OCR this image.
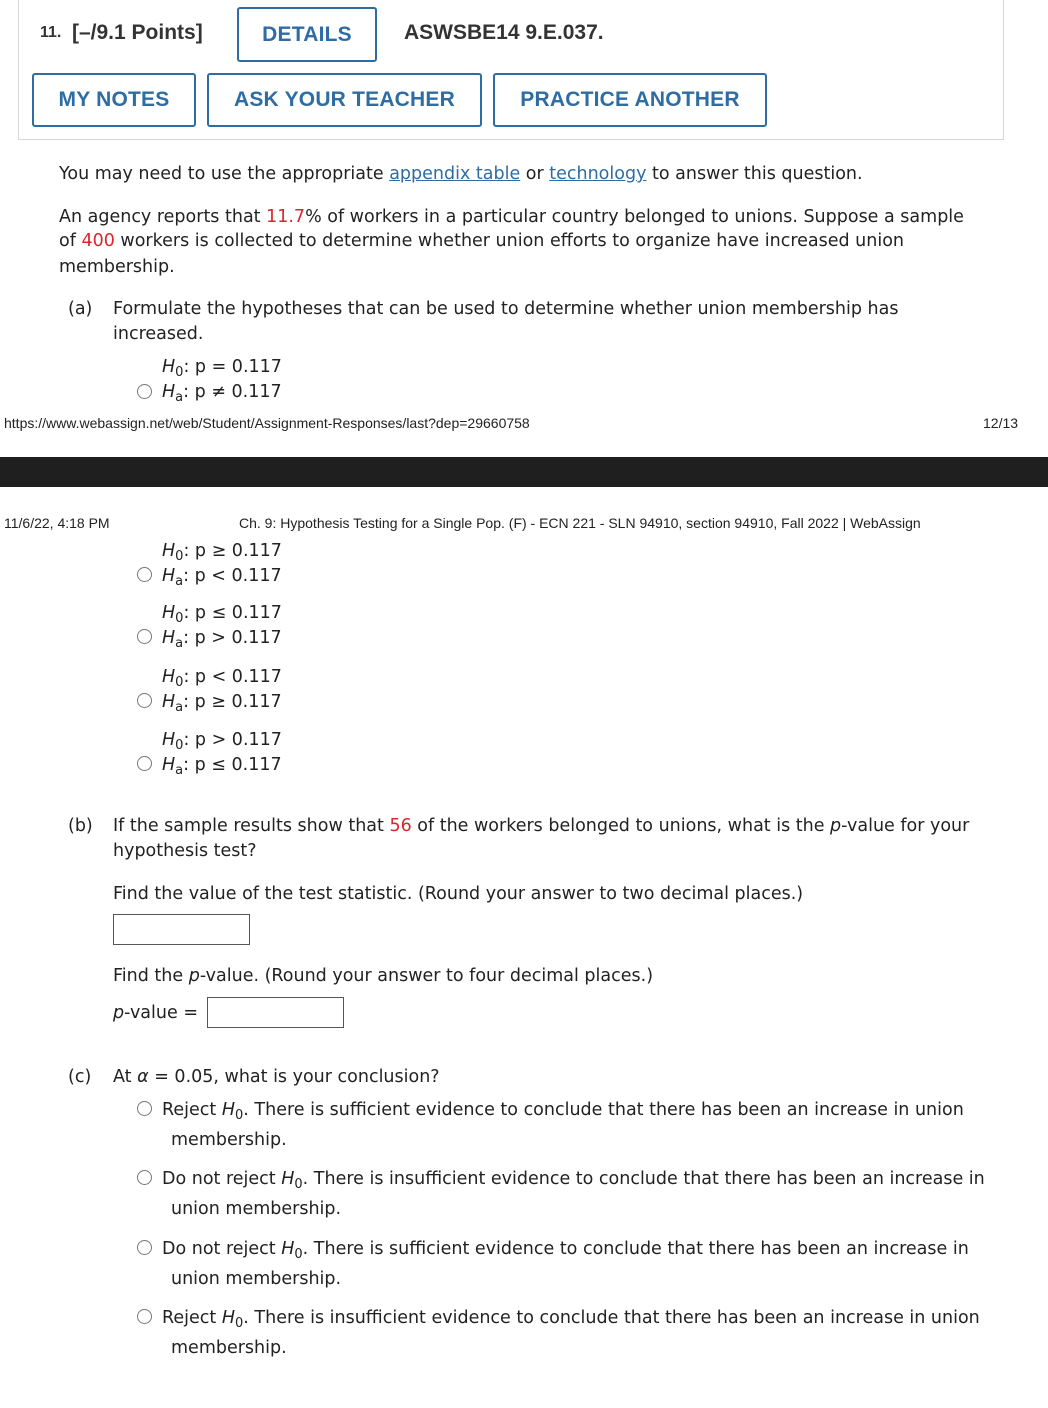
11. [–/9.1 Points]	DETAILS	ASWSBE14 9.E.037.
MY NOTES	ASK YOUR TEACHER	PRACTICE ANOTHER
You may need to use the appropriate appendix table or technology to answer this question.
An agency reports that 11.7% of workers in a particular country belonged to unions. Suppose a sample
of 400 workers is collected to determine whether union efforts to organize have increased union
membership.
(a) Formulate the hypotheses that can be used to determine whether union membership has
increased.
$H_0$: p = 0.117
$H_a$: p ≠ 0.117
https://www.webassign.net/web/Student/Assignment-Responses/last?dep=29660758	12/13
11/6/22, 4:18 PM	Ch. 9: Hypothesis Testing for a Single Pop. (F) - ECN 221 - SLN 94910, section 94910, Fall 2022 | WebAssign
$H_0$: p ≥ 0.117
$H_a$: p < 0.117
$H_0$: p ≤ 0.117
$H_a$: p > 0.117
$H_0$: p < 0.117
$H_a$: p ≥ 0.117
$H_0$: p > 0.117
$H_a$: p ≤ 0.117
(b) If the sample results show that 56 of the workers belonged to unions, what is the p-value for your
hypothesis test?
Find the value of the test statistic. (Round your answer to two decimal places.)
Find the p-value. (Round your answer to four decimal places.)
p-value =
(c) At α = 0.05, what is your conclusion?
Reject $H_0$. There is sufficient evidence to conclude that there has been an increase in union
membership.
Do not reject $H_0$. There is insufficient evidence to conclude that there has been an increase in
union membership.
Do not reject $H_0$. There is sufficient evidence to conclude that there has been an increase in
union membership.
Reject $H_0$. There is insufficient evidence to conclude that there has been an increase in union
membership.
